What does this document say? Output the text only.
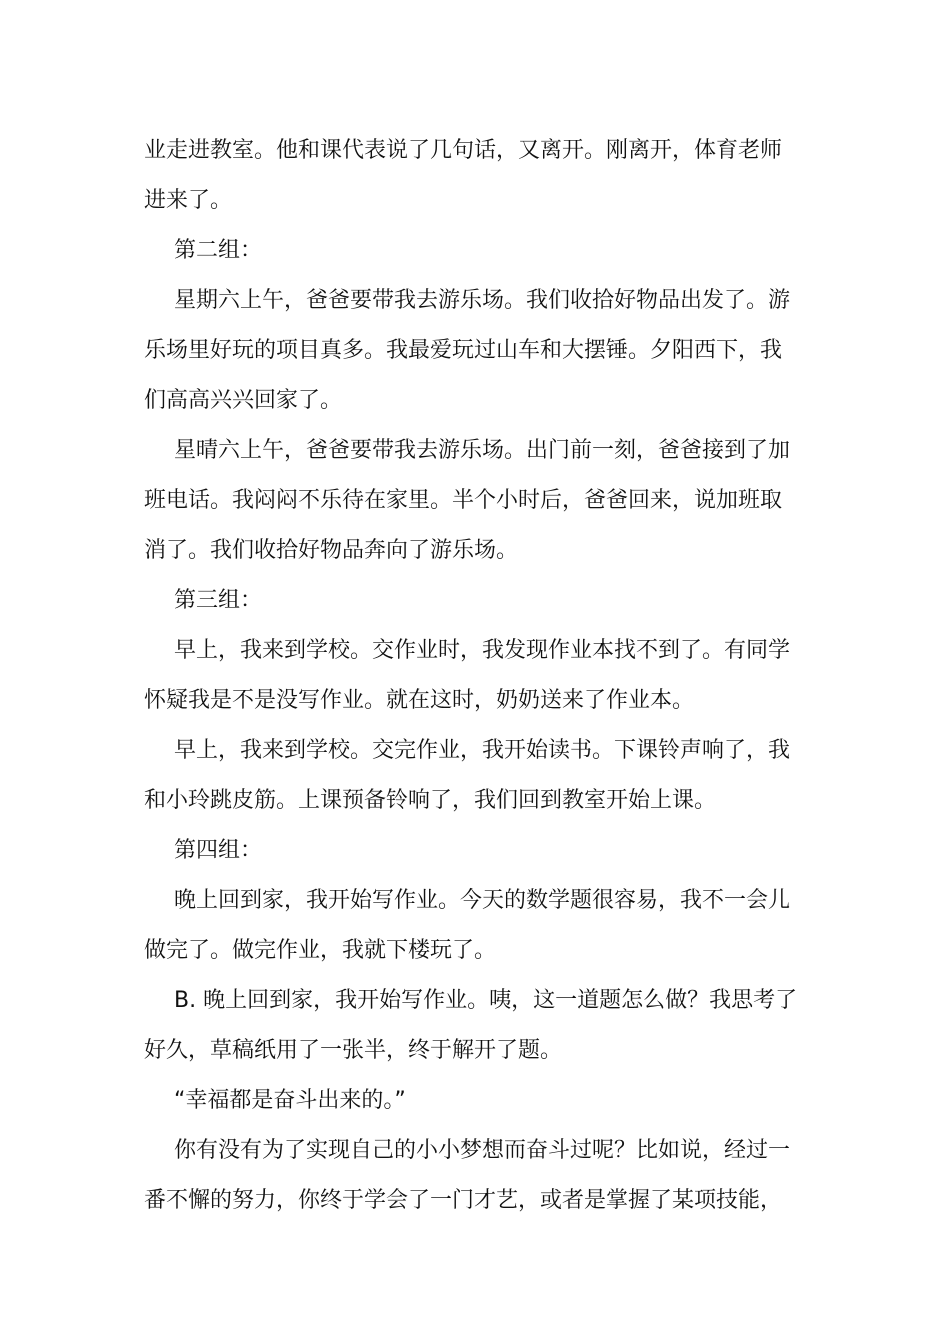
业走进教室。他和课代表说了几句话，又离开。刚离开，体育老师
进来了。

第二组：

星期六上午，爸爸要带我去游乐场。我们收拾好物品出发了。游
乐场里好玩的项目真多。我最爱玩过山车和大摆锤。夕阳西下，我
们高高兴兴回家了。

星晴六上午，爸爸要带我去游乐场。出门前一刻，爸爸接到了加
班电话。我闷闷不乐待在家里。半个小时后，爸爸回来，说加班取
消了。我们收拾好物品奔向了游乐场。

第三组：

早上，我来到学校。交作业时，我发现作业本找不到了。有同学
怀疑我是不是没写作业。就在这时，奶奶送来了作业本。

早上，我来到学校。交完作业，我开始读书。下课铃声响了，我
和小玲跳皮筋。上课预备铃响了，我们回到教室开始上课。

第四组：

晚上回到家，我开始写作业。今天的数学题很容易，我不一会儿
做完了。做完作业，我就下楼玩了。

B. 晚上回到家，我开始写作业。咦，这一道题怎么做？我思考了
好久，草稿纸用了一张半，终于解开了题。

“幸福都是奋斗出来的。”

你有没有为了实现自己的小小梦想而奋斗过呢？比如说，经过一
番不懈的努力，你终于学会了一门才艺，或者是掌握了某项技能，
